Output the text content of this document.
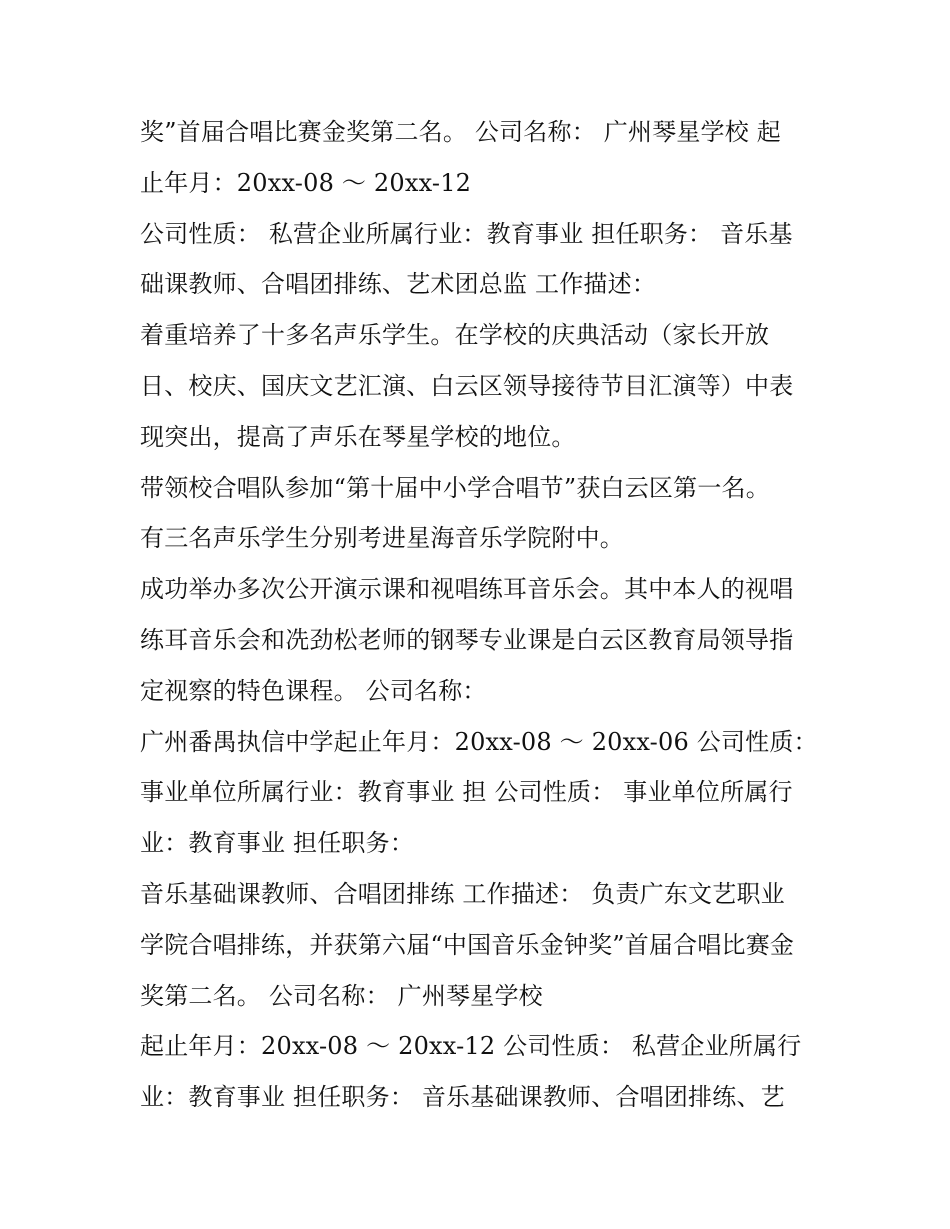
奖”首届合唱比赛金奖第二名。 公司名称： 广州琴星学校 起
止年月：20xx-08 ～ 20xx-12
公司性质： 私营企业所属行业：教育事业 担任职务： 音乐基
础课教师、合唱团排练、艺术团总监 工作描述：
着重培养了十多名声乐学生。在学校的庆典活动（家长开放
日、校庆、国庆文艺汇演、白云区领导接待节目汇演等）中表
现突出，提高了声乐在琴星学校的地位。
带领校合唱队参加“第十届中小学合唱节”获白云区第一名。
有三名声乐学生分别考进星海音乐学院附中。
成功举办多次公开演示课和视唱练耳音乐会。其中本人的视唱
练耳音乐会和冼劲松老师的钢琴专业课是白云区教育局领导指
定视察的特色课程。 公司名称：
广州番禺执信中学起止年月：20xx-08 ～ 20xx-06 公司性质：
事业单位所属行业：教育事业 担 公司性质： 事业单位所属行
业：教育事业 担任职务：
音乐基础课教师、合唱团排练 工作描述： 负责广东文艺职业
学院合唱排练，并获第六届“中国音乐金钟奖”首届合唱比赛金
奖第二名。 公司名称： 广州琴星学校
起止年月：20xx-08 ～ 20xx-12 公司性质： 私营企业所属行
业：教育事业 担任职务： 音乐基础课教师、合唱团排练、艺
